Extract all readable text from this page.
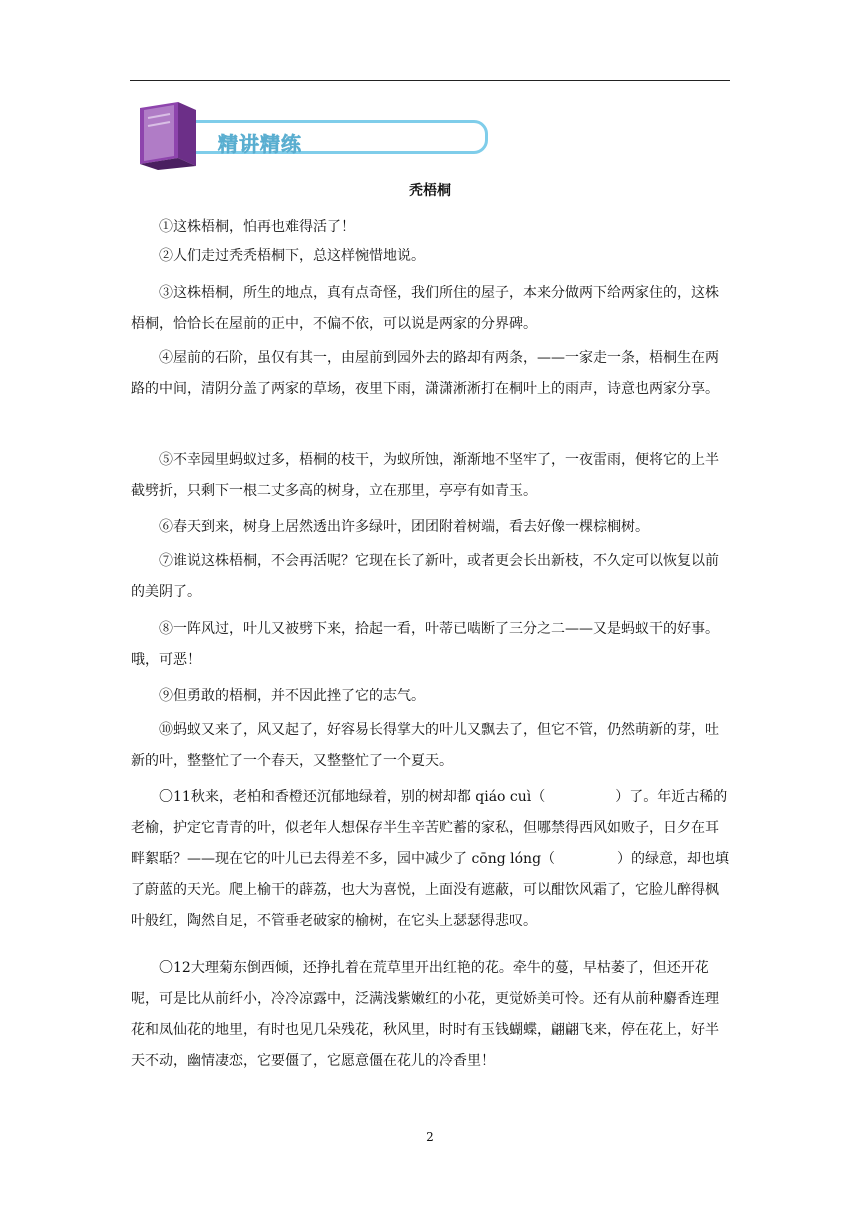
精讲精练
秃梧桐

①这株梧桐，怕再也难得活了！

②人们走过秃秃梧桐下，总这样惋惜地说。

③这株梧桐，所生的地点，真有点奇怪，我们所住的屋子，本来分做两下给两家住的，这株梧桐，恰恰长在屋前的正中，不偏不依，可以说是两家的分界碑。

④屋前的石阶，虽仅有其一，由屋前到园外去的路却有两条，——一家走一条，梧桐生在两路的中间，清阴分盖了两家的草场，夜里下雨，潇潇淅淅打在桐叶上的雨声，诗意也两家分享。

⑤不幸园里蚂蚁过多，梧桐的枝干，为蚁所蚀，渐渐地不坚牢了，一夜雷雨，便将它的上半截劈折，只剩下一根二丈多高的树身，立在那里，亭亭有如青玉。

⑥春天到来，树身上居然透出许多绿叶，团团附着树端，看去好像一棵棕榈树。

⑦谁说这株梧桐，不会再活呢？它现在长了新叶，或者更会长出新枝，不久定可以恢复以前的美阴了。

⑧一阵风过，叶儿又被劈下来，拾起一看，叶蒂已啮断了三分之二——又是蚂蚁干的好事。哦，可恶！

⑨但勇敢的梧桐，并不因此挫了它的志气。

⑩蚂蚁又来了，风又起了，好容易长得掌大的叶儿又飘去了，但它不管，仍然萌新的芽，吐新的叶，整整忙了一个春天，又整整忙了一个夏天。

〇11秋来，老柏和香橙还沉郁地绿着，别的树却都 qiáo cuì（	）了。年近古稀的老榆，护定它青青的叶，似老年人想保存半生辛苦贮蓄的家私，但哪禁得西风如败子，日夕在耳畔絮聒？——现在它的叶儿已去得差不多，园中减少了 cōng lóng（	）的绿意，却也填了蔚蓝的天光。爬上榆干的薜荔，也大为喜悦，上面没有遮蔽，可以酣饮风霜了，它脸儿醉得枫叶般红，陶然自足，不管垂老破家的榆树，在它头上瑟瑟得悲叹。

〇12大理菊东倒西倾，还挣扎着在荒草里开出红艳的花。牵牛的蔓，早枯萎了，但还开花呢，可是比从前纤小，冷冷凉露中，泛满浅紫嫩红的小花，更觉娇美可怜。还有从前种麝香连理花和凤仙花的地里，有时也见几朵残花，秋风里，时时有玉钱蝴蝶，翩翩飞来，停在花上，好半天不动，幽情凄恋，它要僵了，它愿意僵在花儿的冷香里！

2
